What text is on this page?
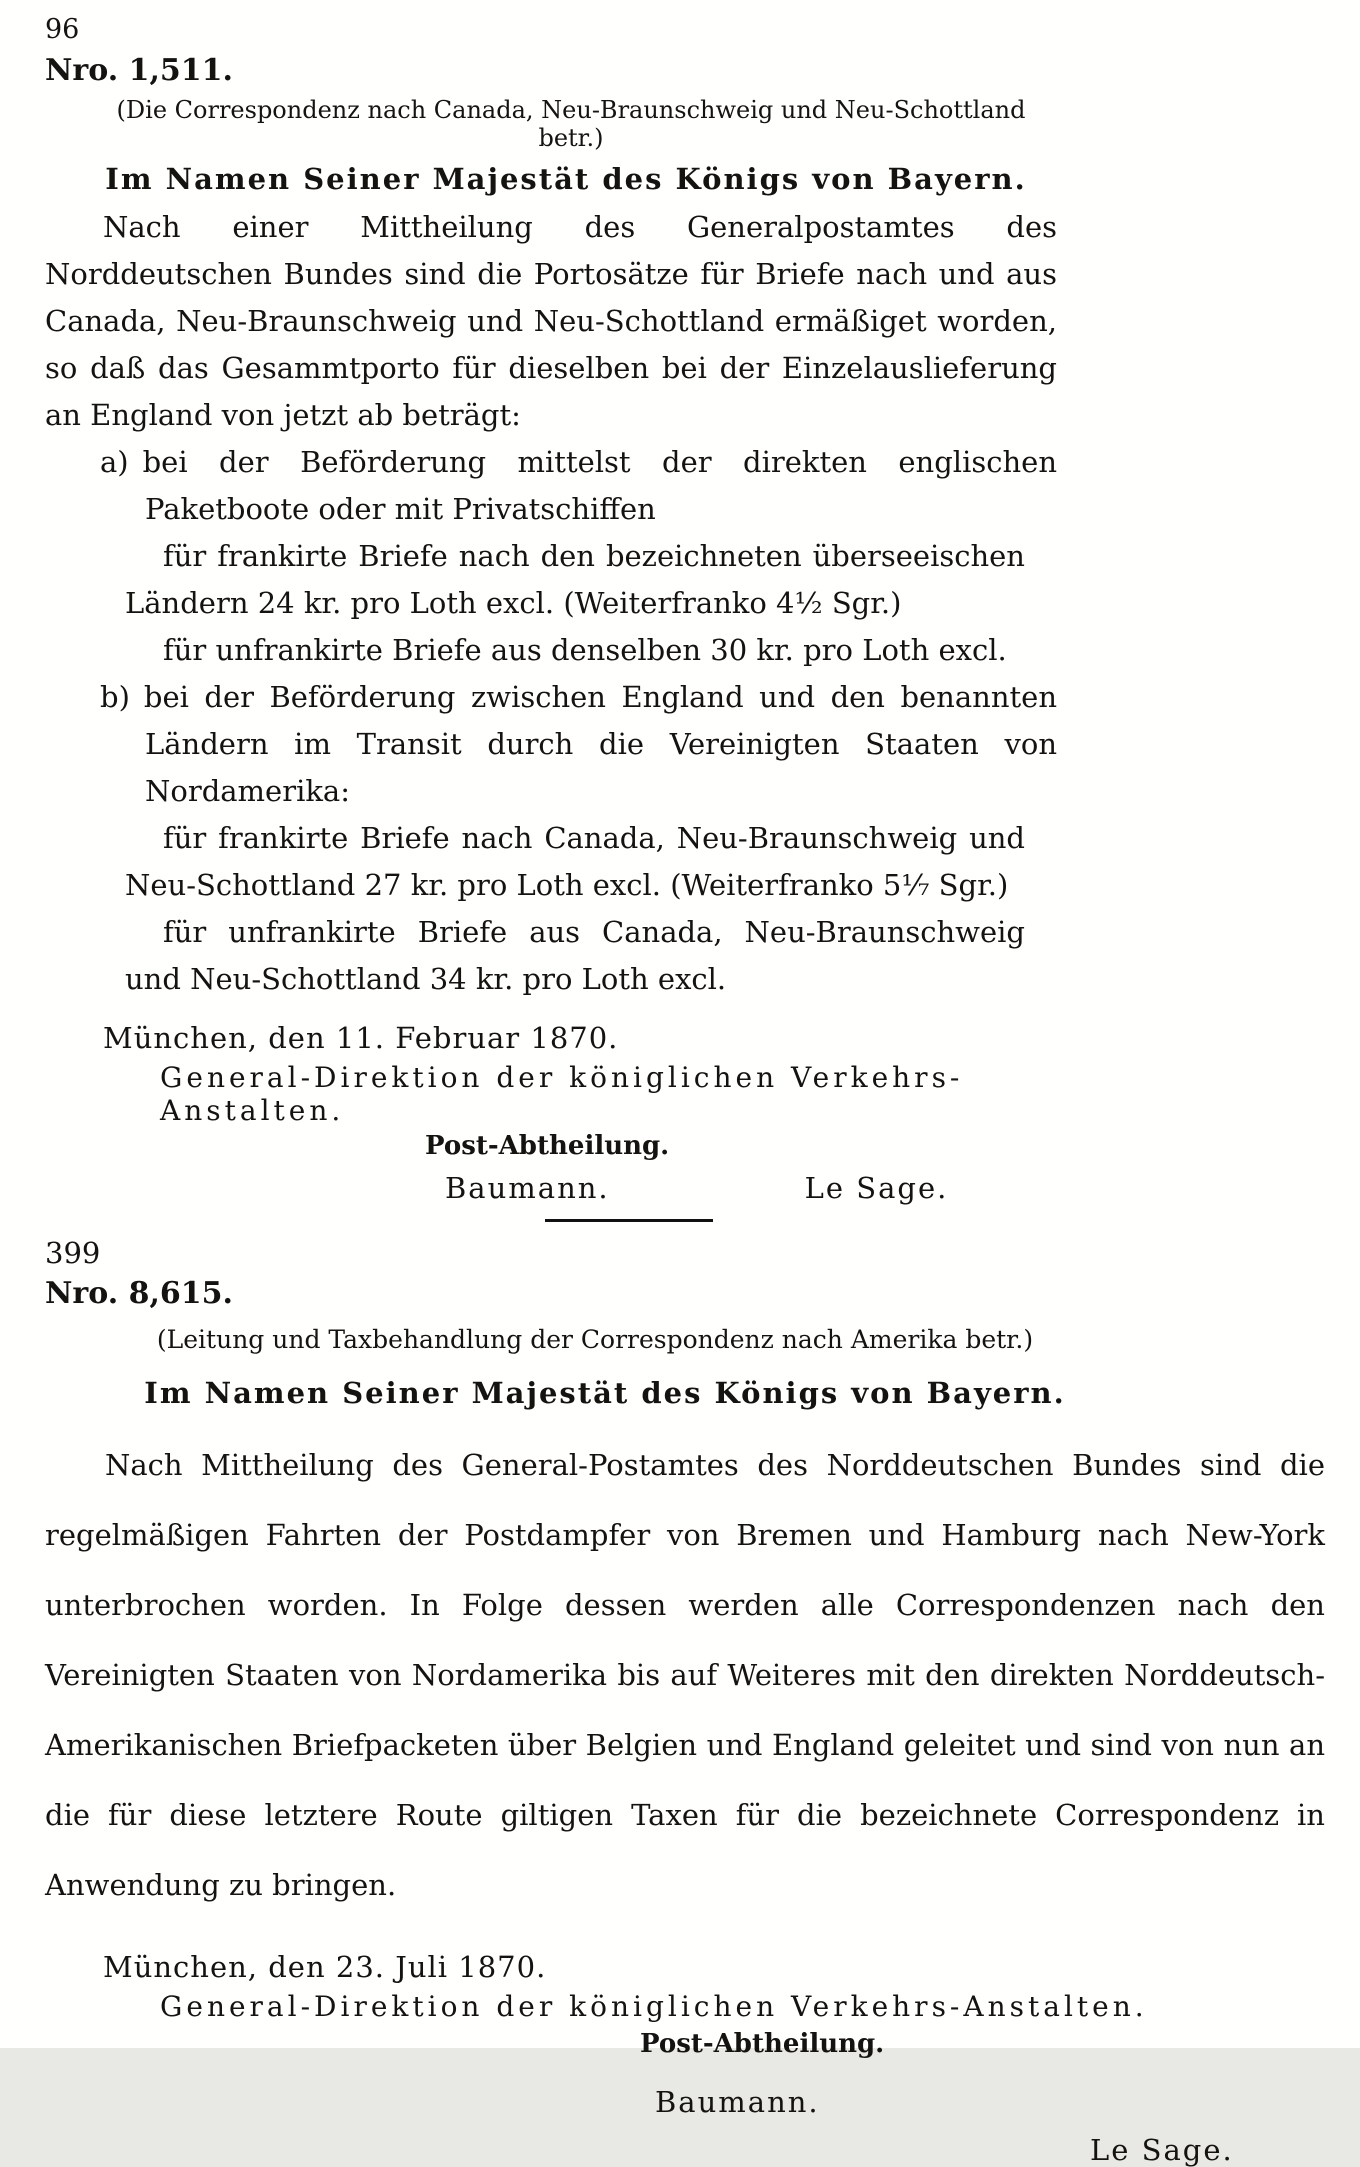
96
Nro. 1,511.
(Die Correspondenz nach Canada, Neu-Braunschweig und Neu-Schottland betr.)
Im Namen Seiner Majestät des Königs von Bayern.

Nach einer Mittheilung des Generalpostamtes des Norddeutschen Bundes sind die Portosätze für Briefe nach und aus Canada, Neu-Braunschweig und Neu-Schottland ermäßiget worden, so daß das Gesammtporto für dieselben bei der Einzelauslieferung an England von jetzt ab beträgt:

a) bei der Beförderung mittelst der direkten englischen Paketboote oder mit Privatschiffen
für frankirte Briefe nach den bezeichneten überseeischen Ländern 24 kr. pro Loth excl. (Weiterfranko 4½ Sgr.)
für unfrankirte Briefe aus denselben 30 kr. pro Loth excl.
b) bei der Beförderung zwischen England und den benannten Ländern im Transit durch die Vereinigten Staaten von Nordamerika:
für frankirte Briefe nach Canada, Neu-Braunschweig und Neu-Schottland 27 kr. pro Loth excl. (Weiterfranko 5¹⁄₇ Sgr.)
für unfrankirte Briefe aus Canada, Neu-Braunschweig und Neu-Schottland 34 kr. pro Loth excl.
München, den 11. Februar 1870.
General-Direktion der königlichen Verkehrs-Anstalten.
Post-Abtheilung.
Baumann.	Le Sage.
399
Nro. 8,615.
(Leitung und Taxbehandlung der Correspondenz nach Amerika betr.)
Im Namen Seiner Majestät des Königs von Bayern.

Nach Mittheilung des General-Postamtes des Norddeutschen Bundes sind die regelmäßigen Fahrten der Postdampfer von Bremen und Hamburg nach New-York unterbrochen worden. In Folge dessen werden alle Correspondenzen nach den Vereinigten Staaten von Nordamerika bis auf Weiteres mit den direkten Norddeutsch-Amerikanischen Briefpacketen über Belgien und England geleitet und sind von nun an die für diese letztere Route giltigen Taxen für die bezeichnete Correspondenz in Anwendung zu bringen.

München, den 23. Juli 1870.
General-Direktion der königlichen Verkehrs-Anstalten.
Post-Abtheilung.
Baumann.
Le Sage.
